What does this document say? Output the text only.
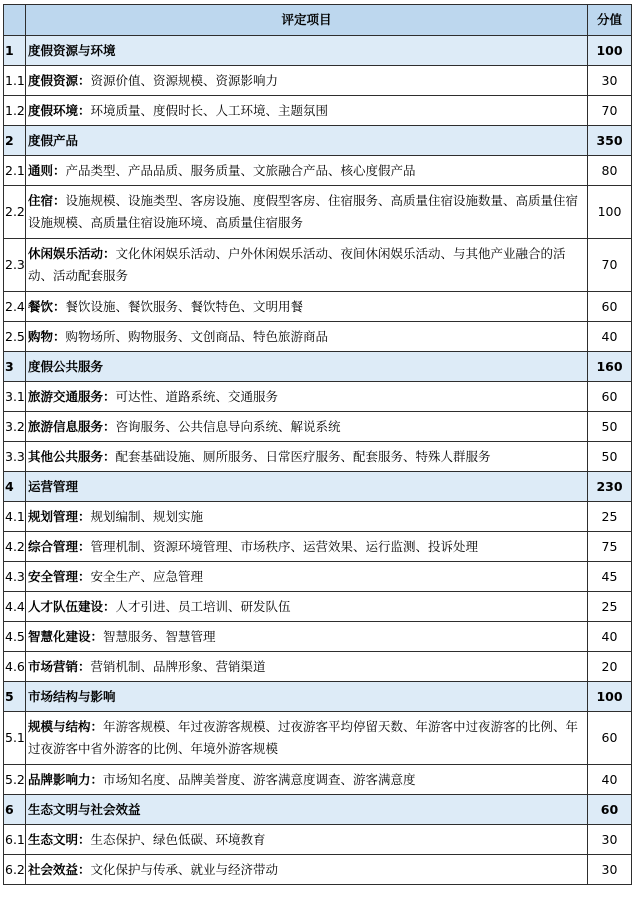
	评定项目	分值
1	度假资源与环境	100
1.1	度假资源：资源价值、资源规模、资源影响力	30
1.2	度假环境：环境质量、度假时长、人工环境、主题氛围	70
2	度假产品	350
2.1	通则：产品类型、产品品质、服务质量、文旅融合产品、核心度假产品	80
2.2	住宿：设施规模、设施类型、客房设施、度假型客房、住宿服务、高质量住宿设施数量、高质量住宿设施规模、高质量住宿设施环境、高质量住宿服务	100
2.3	休闲娱乐活动：文化休闲娱乐活动、户外休闲娱乐活动、夜间休闲娱乐活动、与其他产业融合的活动、活动配套服务	70
2.4	餐饮：餐饮设施、餐饮服务、餐饮特色、文明用餐	60
2.5	购物：购物场所、购物服务、文创商品、特色旅游商品	40
3	度假公共服务	160
3.1	旅游交通服务：可达性、道路系统、交通服务	60
3.2	旅游信息服务：咨询服务、公共信息导向系统、解说系统	50
3.3	其他公共服务：配套基础设施、厕所服务、日常医疗服务、配套服务、特殊人群服务	50
4	运营管理	230
4.1	规划管理：规划编制、规划实施	25
4.2	综合管理：管理机制、资源环境管理、市场秩序、运营效果、运行监测、投诉处理	75
4.3	安全管理：安全生产、应急管理	45
4.4	人才队伍建设：人才引进、员工培训、研发队伍	25
4.5	智慧化建设：智慧服务、智慧管理	40
4.6	市场营销：营销机制、品牌形象、营销渠道	20
5	市场结构与影响	100
5.1	规模与结构：年游客规模、年过夜游客规模、过夜游客平均停留天数、年游客中过夜游客的比例、年过夜游客中省外游客的比例、年境外游客规模	60
5.2	品牌影响力：市场知名度、品牌美誉度、游客满意度调查、游客满意度	40
6	生态文明与社会效益	60
6.1	生态文明：生态保护、绿色低碳、环境教育	30
6.2	社会效益：文化保护与传承、就业与经济带动	30
